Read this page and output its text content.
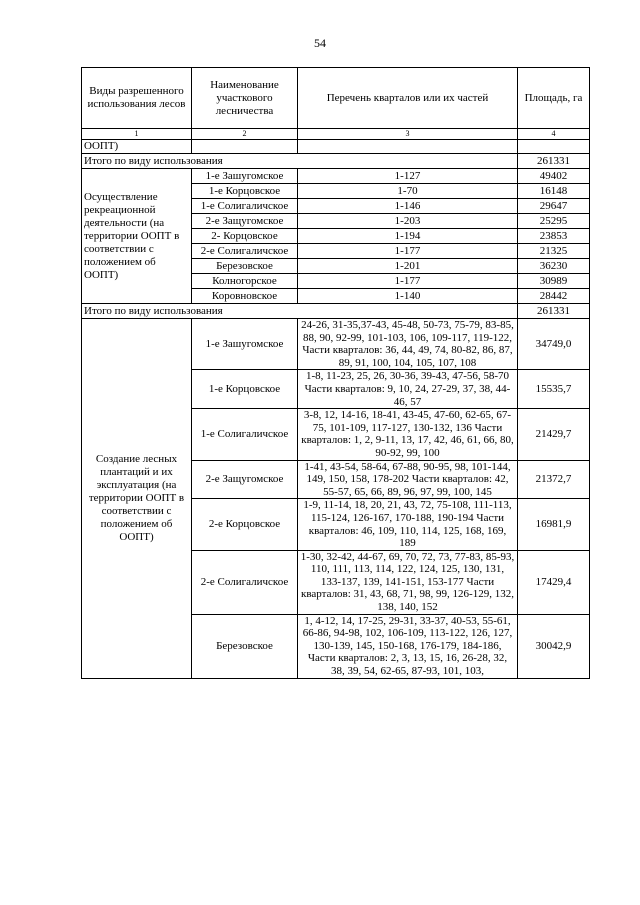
54
Виды разрешенного использования лесов	Наименование участкового лесничества	Перечень кварталов или их частей	Площадь, га
1	2	3	4
ООПТ)			
Итого по виду использования			261331
Осуществление рекреационной деятельности (на территории ООПТ в соответствии с положением об ООПТ)	1-е Зашугомское	1-127	49402
	1-е Корцовское	1-70	16148
	1-е Солигаличское	1-146	29647
	2-е Защугомское	1-203	25295
	2- Корцовское	1-194	23853
	2-е Солигаличское	1-177	21325
	Березовское	1-201	36230
	Колногорское	1-177	30989
	Коровновское	1-140	28442
Итого по виду использования			261331
Создание лесных плантаций и их эксплуатация (на территории ООПТ в соответствии с положением об ООПТ)	1-е Зашугомское	24-26, 31-35,37-43, 45-48, 50-73, 75-79, 83-85, 88, 90, 92-99, 101-103, 106, 109-117, 119-122, Части кварталов: 36, 44, 49, 74, 80-82, 86, 87, 89, 91, 100, 104, 105, 107, 108	34749,0
	1-е Корцовское	1-8, 11-23, 25, 26, 30-36, 39-43, 47-56, 58-70 Части кварталов: 9, 10, 24, 27-29, 37, 38, 44-46, 57	15535,7
	1-е Солигаличское	3-8, 12, 14-16, 18-41, 43-45, 47-60, 62-65, 67-75, 101-109, 117-127, 130-132, 136 Части кварталов: 1, 2, 9-11, 13, 17, 42, 46, 61, 66, 80, 90-92, 99, 100	21429,7
	2-е Защугомское	1-41, 43-54, 58-64, 67-88, 90-95, 98, 101-144, 149, 150, 158, 178-202 Части кварталов: 42, 55-57, 65, 66, 89, 96, 97, 99, 100, 145	21372,7
	2-е Корцовское	1-9, 11-14, 18, 20, 21, 43, 72, 75-108, 111-113, 115-124, 126-167, 170-188, 190-194 Части кварталов: 46, 109, 110, 114, 125, 168, 169, 189	16981,9
	2-е Солигаличское	1-30, 32-42, 44-67, 69, 70, 72, 73, 77-83, 85-93, 110, 111, 113, 114, 122, 124, 125, 130, 131, 133-137, 139, 141-151, 153-177 Части кварталов: 31, 43, 68, 71, 98, 99, 126-129, 132, 138, 140, 152	17429,4
	Березовское	1, 4-12, 14, 17-25, 29-31, 33-37, 40-53, 55-61, 66-86, 94-98, 102, 106-109, 113-122, 126, 127, 130-139, 145, 150-168, 176-179, 184-186, Части кварталов: 2, 3, 13, 15, 16, 26-28, 32, 38, 39, 54, 62-65, 87-93, 101, 103,	30042,9
